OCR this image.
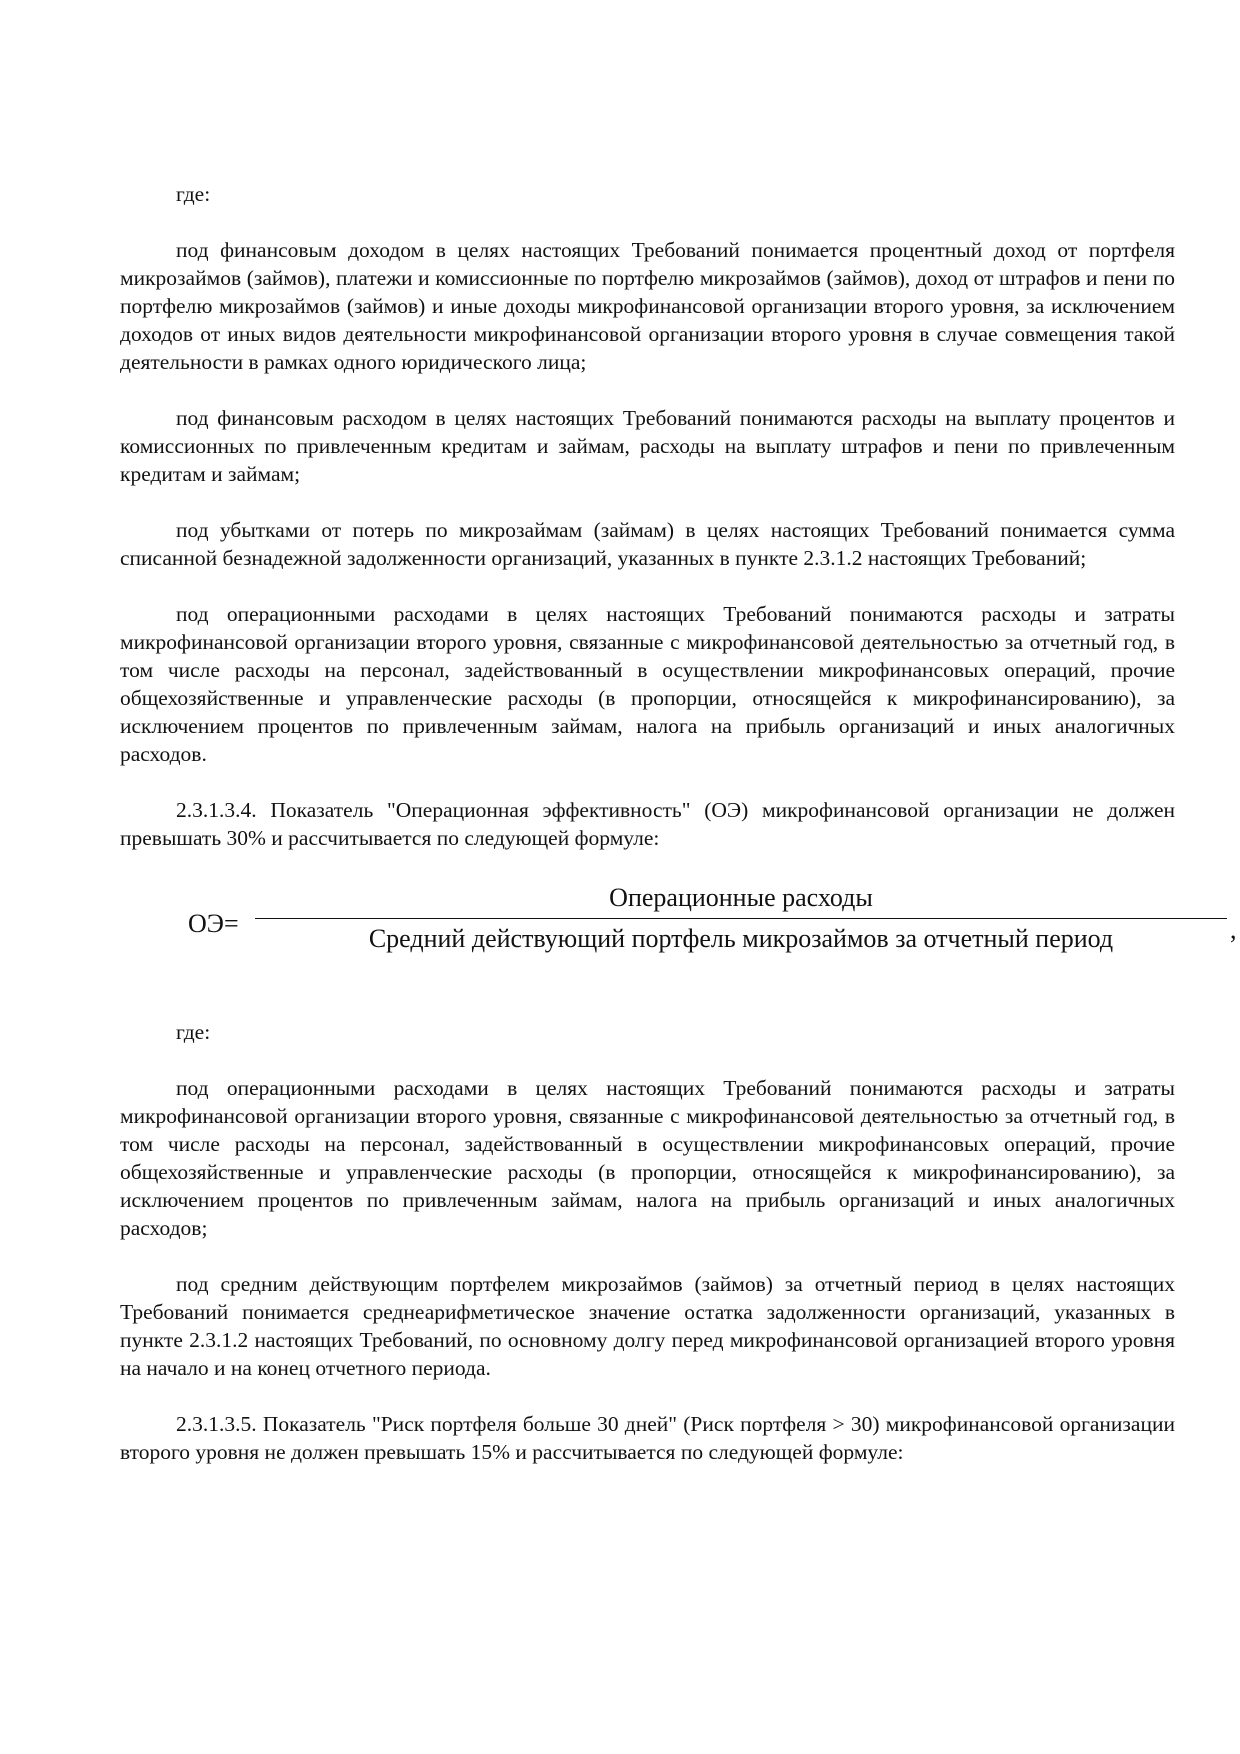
где:

под финансовым доходом в целях настоящих Требований понимается процентный доход от портфеля микрозаймов (займов), платежи и комиссионные по портфелю микрозаймов (займов), доход от штрафов и пени по портфелю микрозаймов (займов) и иные доходы микрофинансовой организации второго уровня, за исключением доходов от иных видов деятельности микрофинансовой организации второго уровня в случае совмещения такой деятельности в рамках одного юридического лица;

под финансовым расходом в целях настоящих Требований понимаются расходы на выплату процентов и комиссионных по привлеченным кредитам и займам, расходы на выплату штрафов и пени по привлеченным кредитам и займам;

под убытками от потерь по микрозаймам (займам) в целях настоящих Требований понимается сумма списанной безнадежной задолженности организаций, указанных в пункте 2.3.1.2 настоящих Требований;

под операционными расходами в целях настоящих Требований понимаются расходы и затраты микрофинансовой организации второго уровня, связанные с микрофинансовой деятельностью за отчетный год, в том числе расходы на персонал, задействованный в осуществлении микрофинансовых операций, прочие общехозяйственные и управленческие расходы (в пропорции, относящейся к микрофинансированию), за исключением процентов по привлеченным займам, налога на прибыль организаций и иных аналогичных расходов.

2.3.1.3.4. Показатель "Операционная эффективность" (ОЭ) микрофинансовой организации не должен превышать 30% и рассчитывается по следующей формуле:

ОЭ=
Операционные расходы
Средний действующий портфель микрозаймов за отчетный период	,
где:

под операционными расходами в целях настоящих Требований понимаются расходы и затраты микрофинансовой организации второго уровня, связанные с микрофинансовой деятельностью за отчетный год, в том числе расходы на персонал, задействованный в осуществлении микрофинансовых операций, прочие общехозяйственные и управленческие расходы (в пропорции, относящейся к микрофинансированию), за исключением процентов по привлеченным займам, налога на прибыль организаций и иных аналогичных расходов;

под средним действующим портфелем микрозаймов (займов) за отчетный период в целях настоящих Требований понимается среднеарифметическое значение остатка задолженности организаций, указанных в пункте 2.3.1.2 настоящих Требований, по основному долгу перед микрофинансовой организацией второго уровня на начало и на конец отчетного периода.

2.3.1.3.5. Показатель "Риск портфеля больше 30 дней" (Риск портфеля > 30) микрофинансовой организации второго уровня не должен превышать 15% и рассчитывается по следующей формуле:
